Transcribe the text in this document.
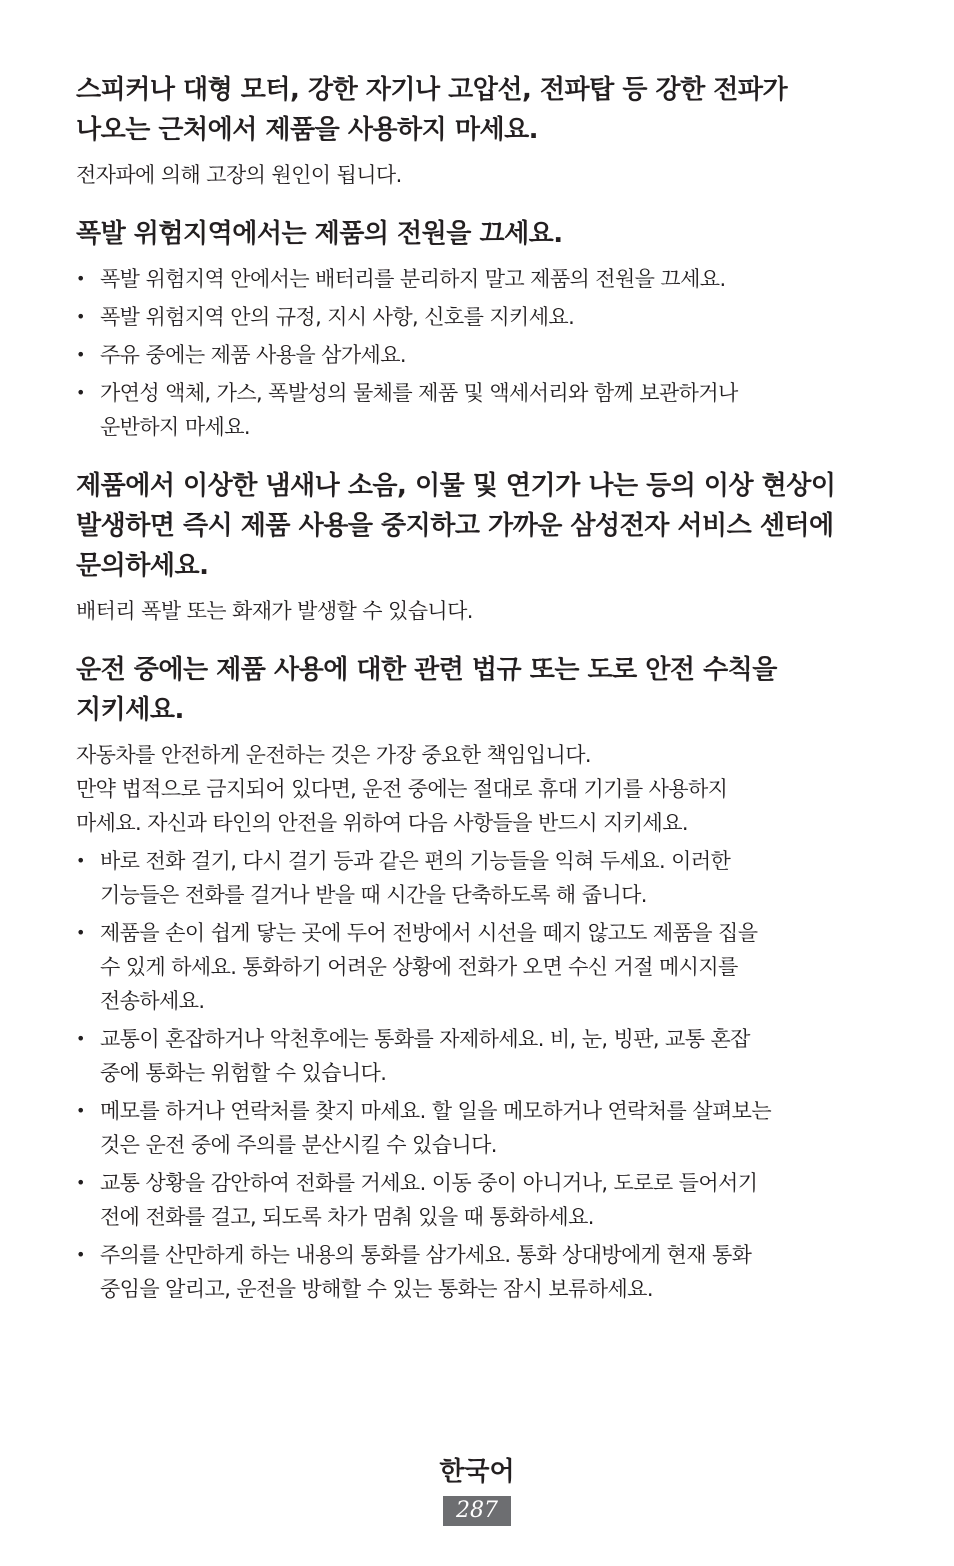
스피커나 대형 모터, 강한 자기나 고압선, 전파탑 등 강한 전파가
나오는 근처에서 제품을 사용하지 마세요.

전자파에 의해 고장의 원인이 됩니다.

폭발 위험지역에서는 제품의 전원을 끄세요.
• 폭발 위험지역 안에서는 배터리를 분리하지 말고 제품의 전원을 끄세요.
• 폭발 위험지역 안의 규정, 지시 사항, 신호를 지키세요.
• 주유 중에는 제품 사용을 삼가세요.
• 가연성 액체, 가스, 폭발성의 물체를 제품 및 액세서리와 함께 보관하거나
운반하지 마세요.
제품에서 이상한 냄새나 소음, 이물 및 연기가 나는 등의 이상 현상이
발생하면 즉시 제품 사용을 중지하고 가까운 삼성전자 서비스 센터에
문의하세요.

배터리 폭발 또는 화재가 발생할 수 있습니다.

운전 중에는 제품 사용에 대한 관련 법규 또는 도로 안전 수칙을
지키세요.

자동차를 안전하게 운전하는 것은 가장 중요한 책임입니다.

만약 법적으로 금지되어 있다면, 운전 중에는 절대로 휴대 기기를 사용하지

마세요. 자신과 타인의 안전을 위하여 다음 사항들을 반드시 지키세요.

• 바로 전화 걸기, 다시 걸기 등과 같은 편의 기능들을 익혀 두세요. 이러한
기능들은 전화를 걸거나 받을 때 시간을 단축하도록 해 줍니다.
• 제품을 손이 쉽게 닿는 곳에 두어 전방에서 시선을 떼지 않고도 제품을 집을
수 있게 하세요. 통화하기 어려운 상황에 전화가 오면 수신 거절 메시지를
전송하세요.
• 교통이 혼잡하거나 악천후에는 통화를 자제하세요. 비, 눈, 빙판, 교통 혼잡
중에 통화는 위험할 수 있습니다.
• 메모를 하거나 연락처를 찾지 마세요. 할 일을 메모하거나 연락처를 살펴보는
것은 운전 중에 주의를 분산시킬 수 있습니다.
• 교통 상황을 감안하여 전화를 거세요. 이동 중이 아니거나, 도로로 들어서기
전에 전화를 걸고, 되도록 차가 멈춰 있을 때 통화하세요.
• 주의를 산만하게 하는 내용의 통화를 삼가세요. 통화 상대방에게 현재 통화
중임을 알리고, 운전을 방해할 수 있는 통화는 잠시 보류하세요.
한국어
287
